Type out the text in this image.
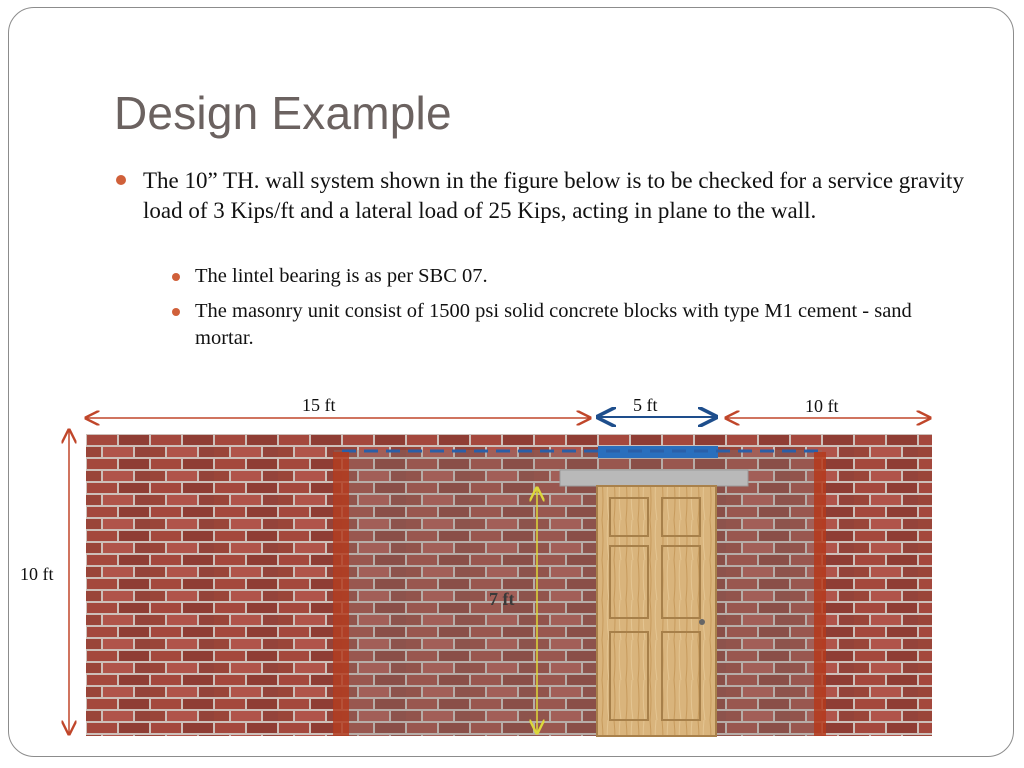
Design Example
The 10” TH. wall system shown in the figure below is to be checked for a service gravity load of 3 Kips/ft and a lateral load of 25 Kips, acting in plane to the wall.
The lintel bearing is as per SBC 07.
The masonry unit consist of 1500 psi solid concrete blocks with type M1 cement - sand mortar.
15 ft	5 ft	10 ft
10 ft
7 ft
